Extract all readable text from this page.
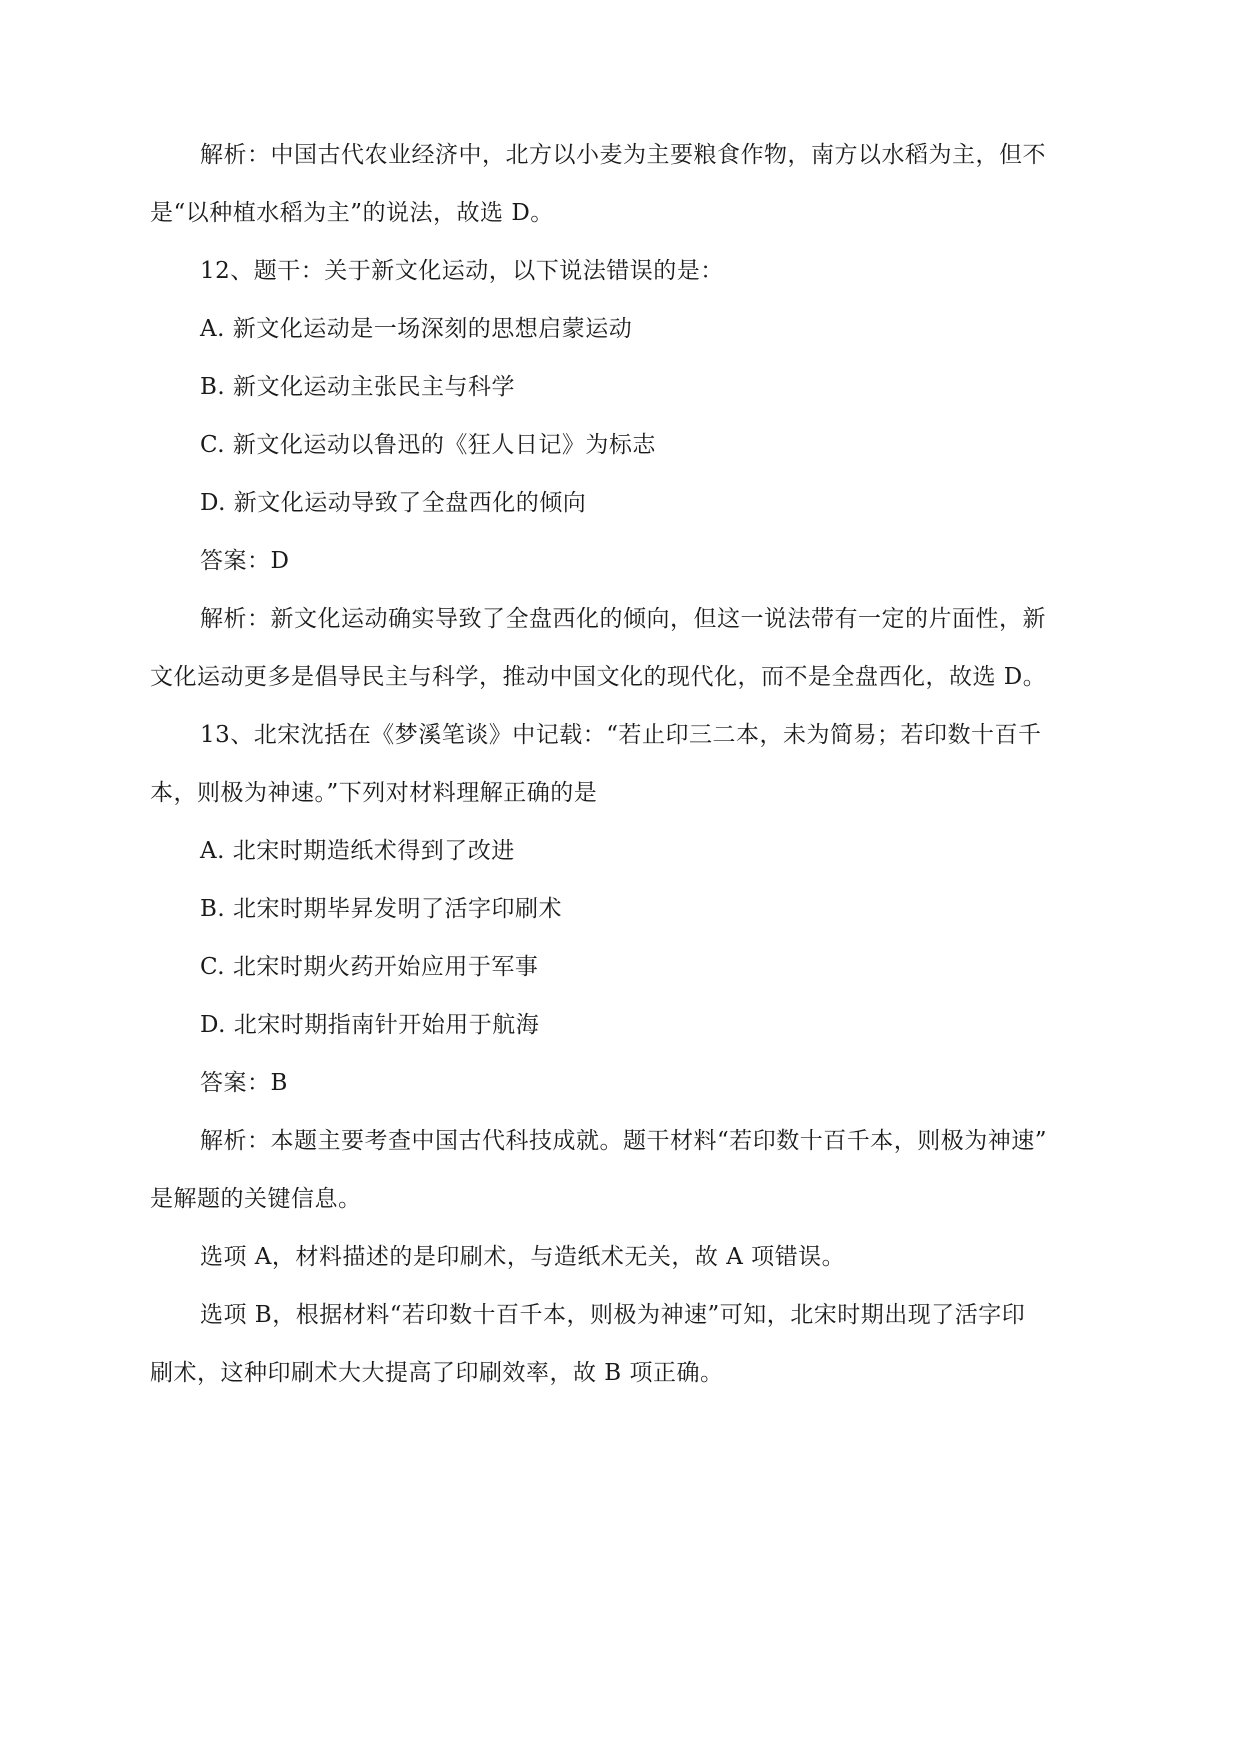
解析：中国古代农业经济中，北方以小麦为主要粮食作物，南方以水稻为主，但不
是“以种植水稻为主”的说法，故选 D。
12、题干：关于新文化运动，以下说法错误的是：
A. 新文化运动是一场深刻的思想启蒙运动
B. 新文化运动主张民主与科学
C. 新文化运动以鲁迅的《狂人日记》为标志
D. 新文化运动导致了全盘西化的倾向
答案：D
解析：新文化运动确实导致了全盘西化的倾向，但这一说法带有一定的片面性，新
文化运动更多是倡导民主与科学，推动中国文化的现代化，而不是全盘西化，故选 D。
13、北宋沈括在《梦溪笔谈》中记载：“若止印三二本，未为简易；若印数十百千
本，则极为神速。”下列对材料理解正确的是
A. 北宋时期造纸术得到了改进
B. 北宋时期毕昇发明了活字印刷术
C. 北宋时期火药开始应用于军事
D. 北宋时期指南针开始用于航海
答案：B
解析：本题主要考查中国古代科技成就。题干材料“若印数十百千本，则极为神速”
是解题的关键信息。
选项 A，材料描述的是印刷术，与造纸术无关，故 A 项错误。
选项 B，根据材料“若印数十百千本，则极为神速”可知，北宋时期出现了活字印
刷术，这种印刷术大大提高了印刷效率，故 B 项正确。
